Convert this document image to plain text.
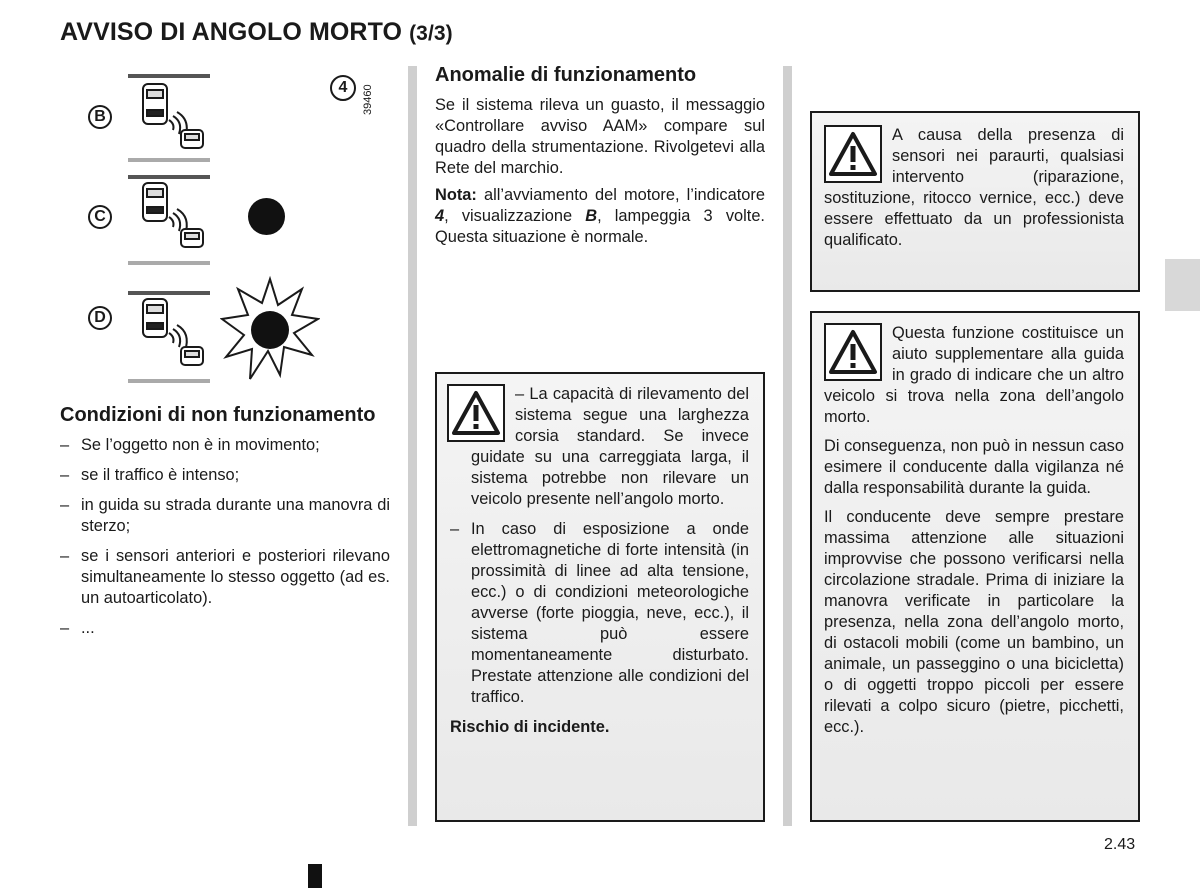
AVVISO DI ANGOLO MORTO (3/3)
4 39460
B
C
D
Condizioni di non funzionamento
– Se l’oggetto non è in movimento;
– se il traffico è intenso;
– in guida su strada durante una manovra di sterzo;
– se i sensori anteriori e posteriori rilevano simultaneamente lo stesso oggetto (ad es. un autoarticolato).
– ...
Anomalie di funzionamento

Se il sistema rileva un guasto, il messaggio «Controllare avviso AAM» compare sul quadro della strumentazione. Rivolgetevi alla Rete del marchio.

Nota: all’avviamento del motore, l’indicatore 4, visualizzazione B, lampeggia 3 volte. Questa situazione è normale.

– La capacità di rilevamento del sistema segue una larghezza corsia standard. Se invece guidate su una carreggiata larga, il sistema potrebbe non rilevare un veicolo presente nell’angolo morto.

– In caso di esposizione a onde elettromagnetiche di forte intensità (in prossimità di linee ad alta tensione, ecc.) o di condizioni meteorologiche avverse (forte pioggia, neve, ecc.), il sistema può essere momentaneamente disturbato. Prestate attenzione alle condizioni del traffico.

Rischio di incidente.

A causa della presenza di sensori nei paraurti, qualsiasi intervento (riparazione, sostituzione, ritocco vernice, ecc.) deve essere effettuato da un professionista qualificato.

Questa funzione costituisce un aiuto supplementare alla guida in grado di indicare che un altro veicolo si trova nella zona dell’angolo morto.

Di conseguenza, non può in nessun caso esimere il conducente dalla vigilanza né dalla responsabilità durante la guida.

Il conducente deve sempre prestare massima attenzione alle situazioni improvvise che possono verificarsi nella circolazione stradale. Prima di iniziare la manovra verificate in particolare la presenza, nella zona dell’angolo morto, di ostacoli mobili (come un bambino, un animale, un passeggino o una bicicletta) o di oggetti troppo piccoli per essere rilevati a colpo sicuro (pietre, picchetti, ecc.).

2.43
